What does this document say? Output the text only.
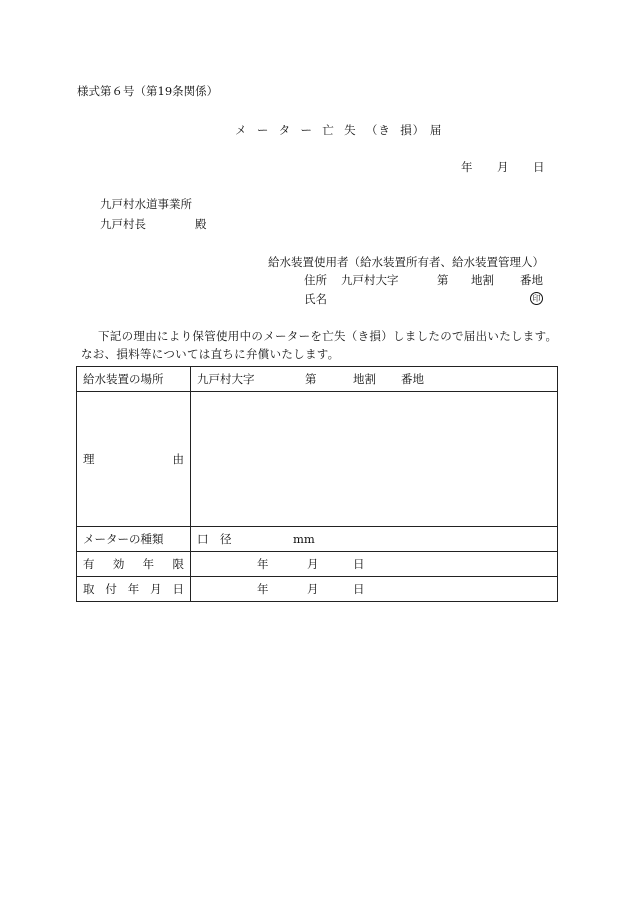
様式第６号（第19条関係）
メ ー タ ー 亡 失 （き 損） 届
年 月 日
九戸村水道事業所
九戸村長	殿
給水装置使用者（給水装置所有者、給水装置管理人）
住所 九戸村大字	第 地割 番地
氏名	印
下記の理由により保管使用中のメーターを亡失（き損）しましたので届出いたします。
なお、損料等については直ちに弁償いたします。
給水装置の場所	九戸村大字 第 地割 番地

理 由	

メーターの種類	口　径 mm

有 効 年 限	年 月 日

取 付 年 月 日	年 月 日
